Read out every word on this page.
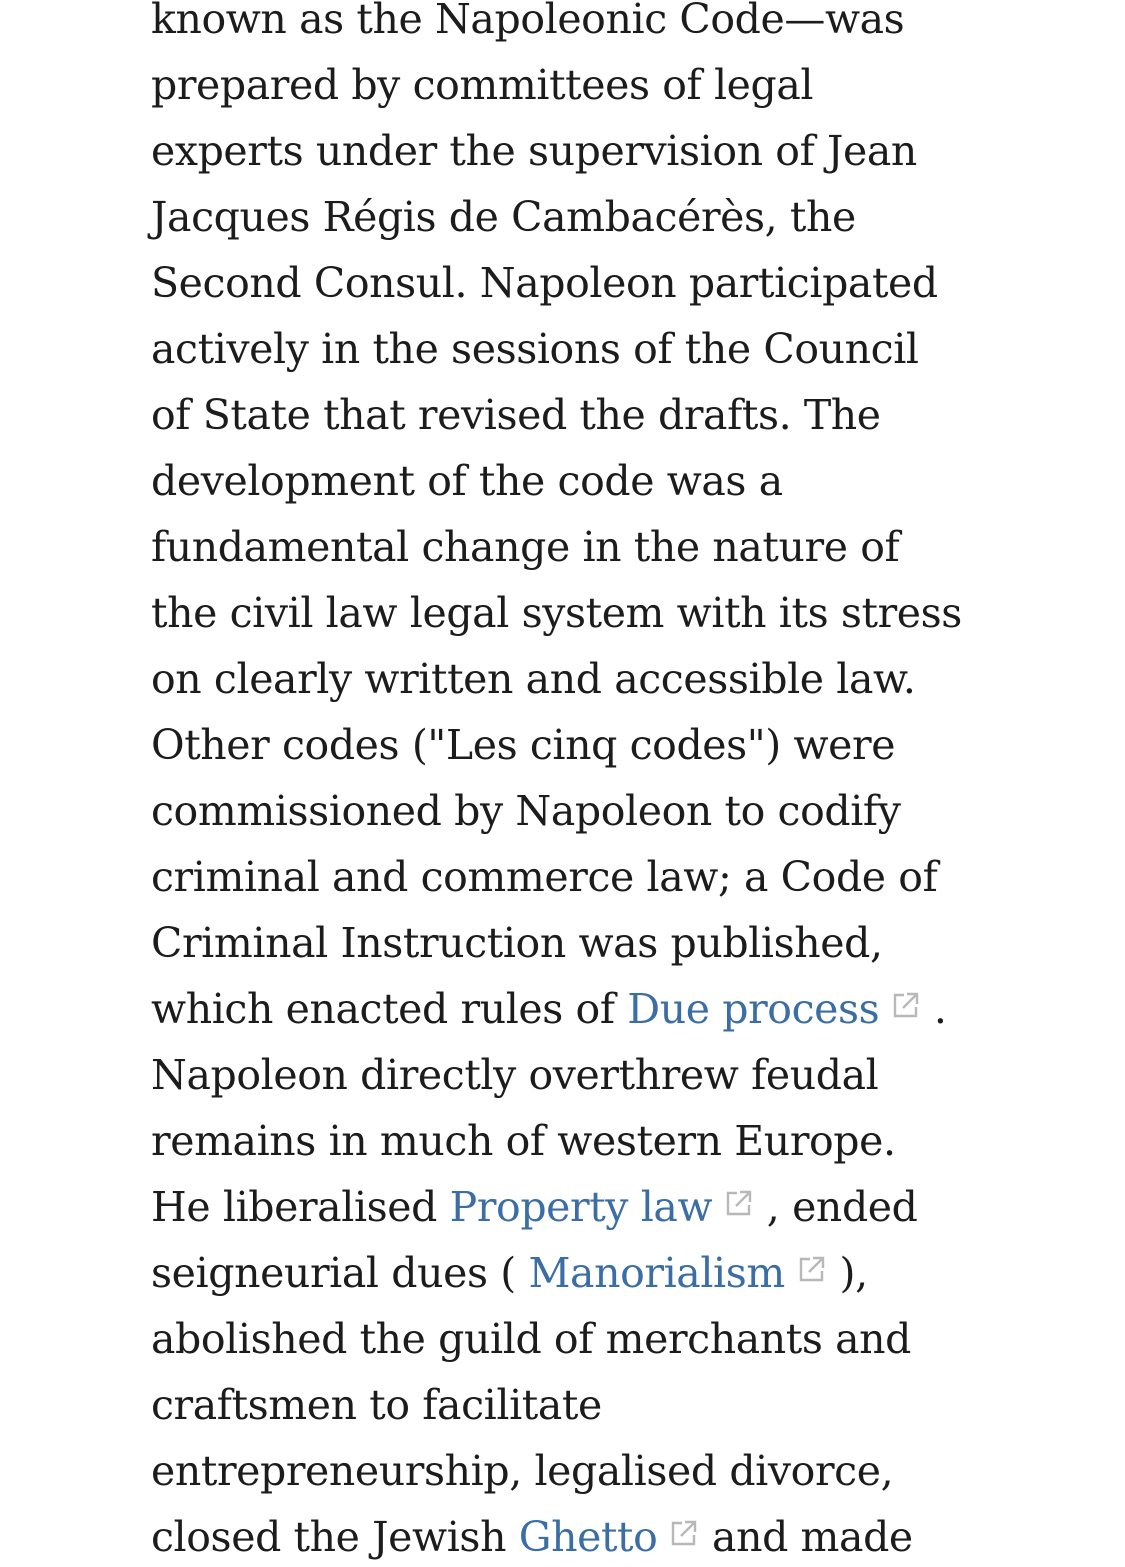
known as the Napoleonic Code—was
prepared by committees of legal
experts under the supervision of Jean
Jacques Régis de Cambacérès, the
Second Consul. Napoleon participated
actively in the sessions of the Council
of State that revised the drafts. The
development of the code was a
fundamental change in the nature of
the civil law legal system with its stress
on clearly written and accessible law.
Other codes ("Les cinq codes") were
commissioned by Napoleon to codify
criminal and commerce law; a Code of
Criminal Instruction was published,
which enacted rules of Due process
.
Napoleon directly overthrew feudal
remains in much of western Europe.
He liberalised Property law
, ended
seigneurial dues ( Manorialism
),
abolished the guild of merchants and
craftsmen to facilitate
entrepreneurship, legalised divorce,
closed the Jewish Ghetto
and made
